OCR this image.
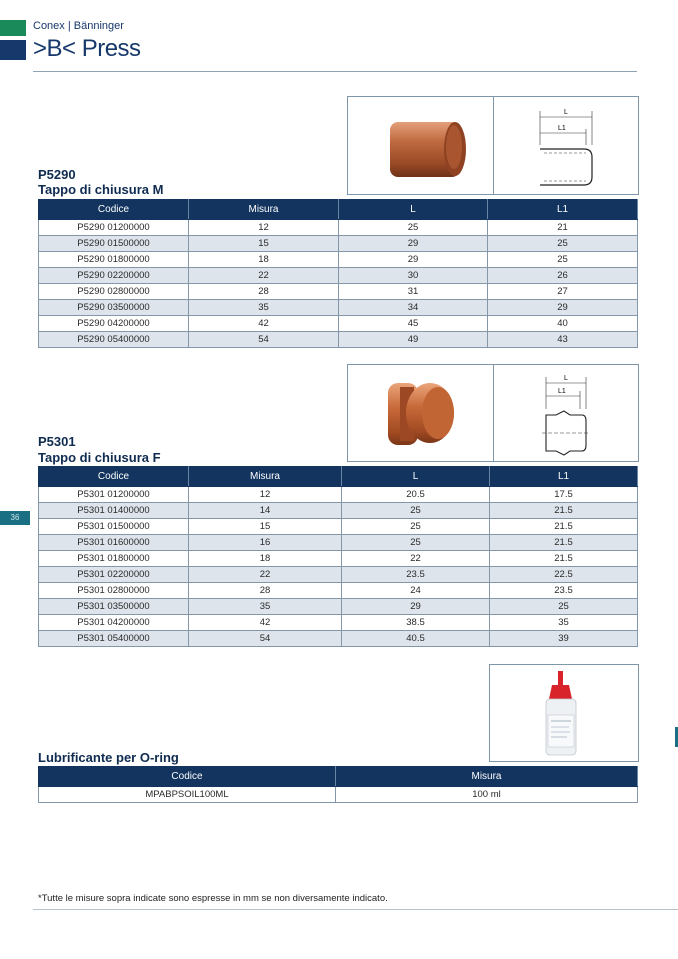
Conex | Bänninger
>B< Press
L
L1
P5290
Tappo di chiusura M
Codice	Misura	L	L1
P5290 01200000	12	25	21
P5290 01500000	15	29	25
P5290 01800000	18	29	25
P5290 02200000	22	30	26
P5290 02800000	28	31	27
P5290 03500000	35	34	29
P5290 04200000	42	45	40
P5290 05400000	54	49	43
L
L1
P5301
Tappo di chiusura F
Codice	Misura	L	L1
P5301 01200000	12	20.5	17.5
P5301 01400000	14	25	21.5
P5301 01500000	15	25	21.5
P5301 01600000	16	25	21.5
P5301 01800000	18	22	21.5
P5301 02200000	22	23.5	22.5
P5301 02800000	28	24	23.5
P5301 03500000	35	29	25
P5301 04200000	42	38.5	35
P5301 05400000	54	40.5	39
Lubrificante per O-ring
Codice	Misura
MPABPSOIL100ML	100 ml
36
*Tutte le misure sopra indicate sono espresse in mm se non diversamente indicato.
